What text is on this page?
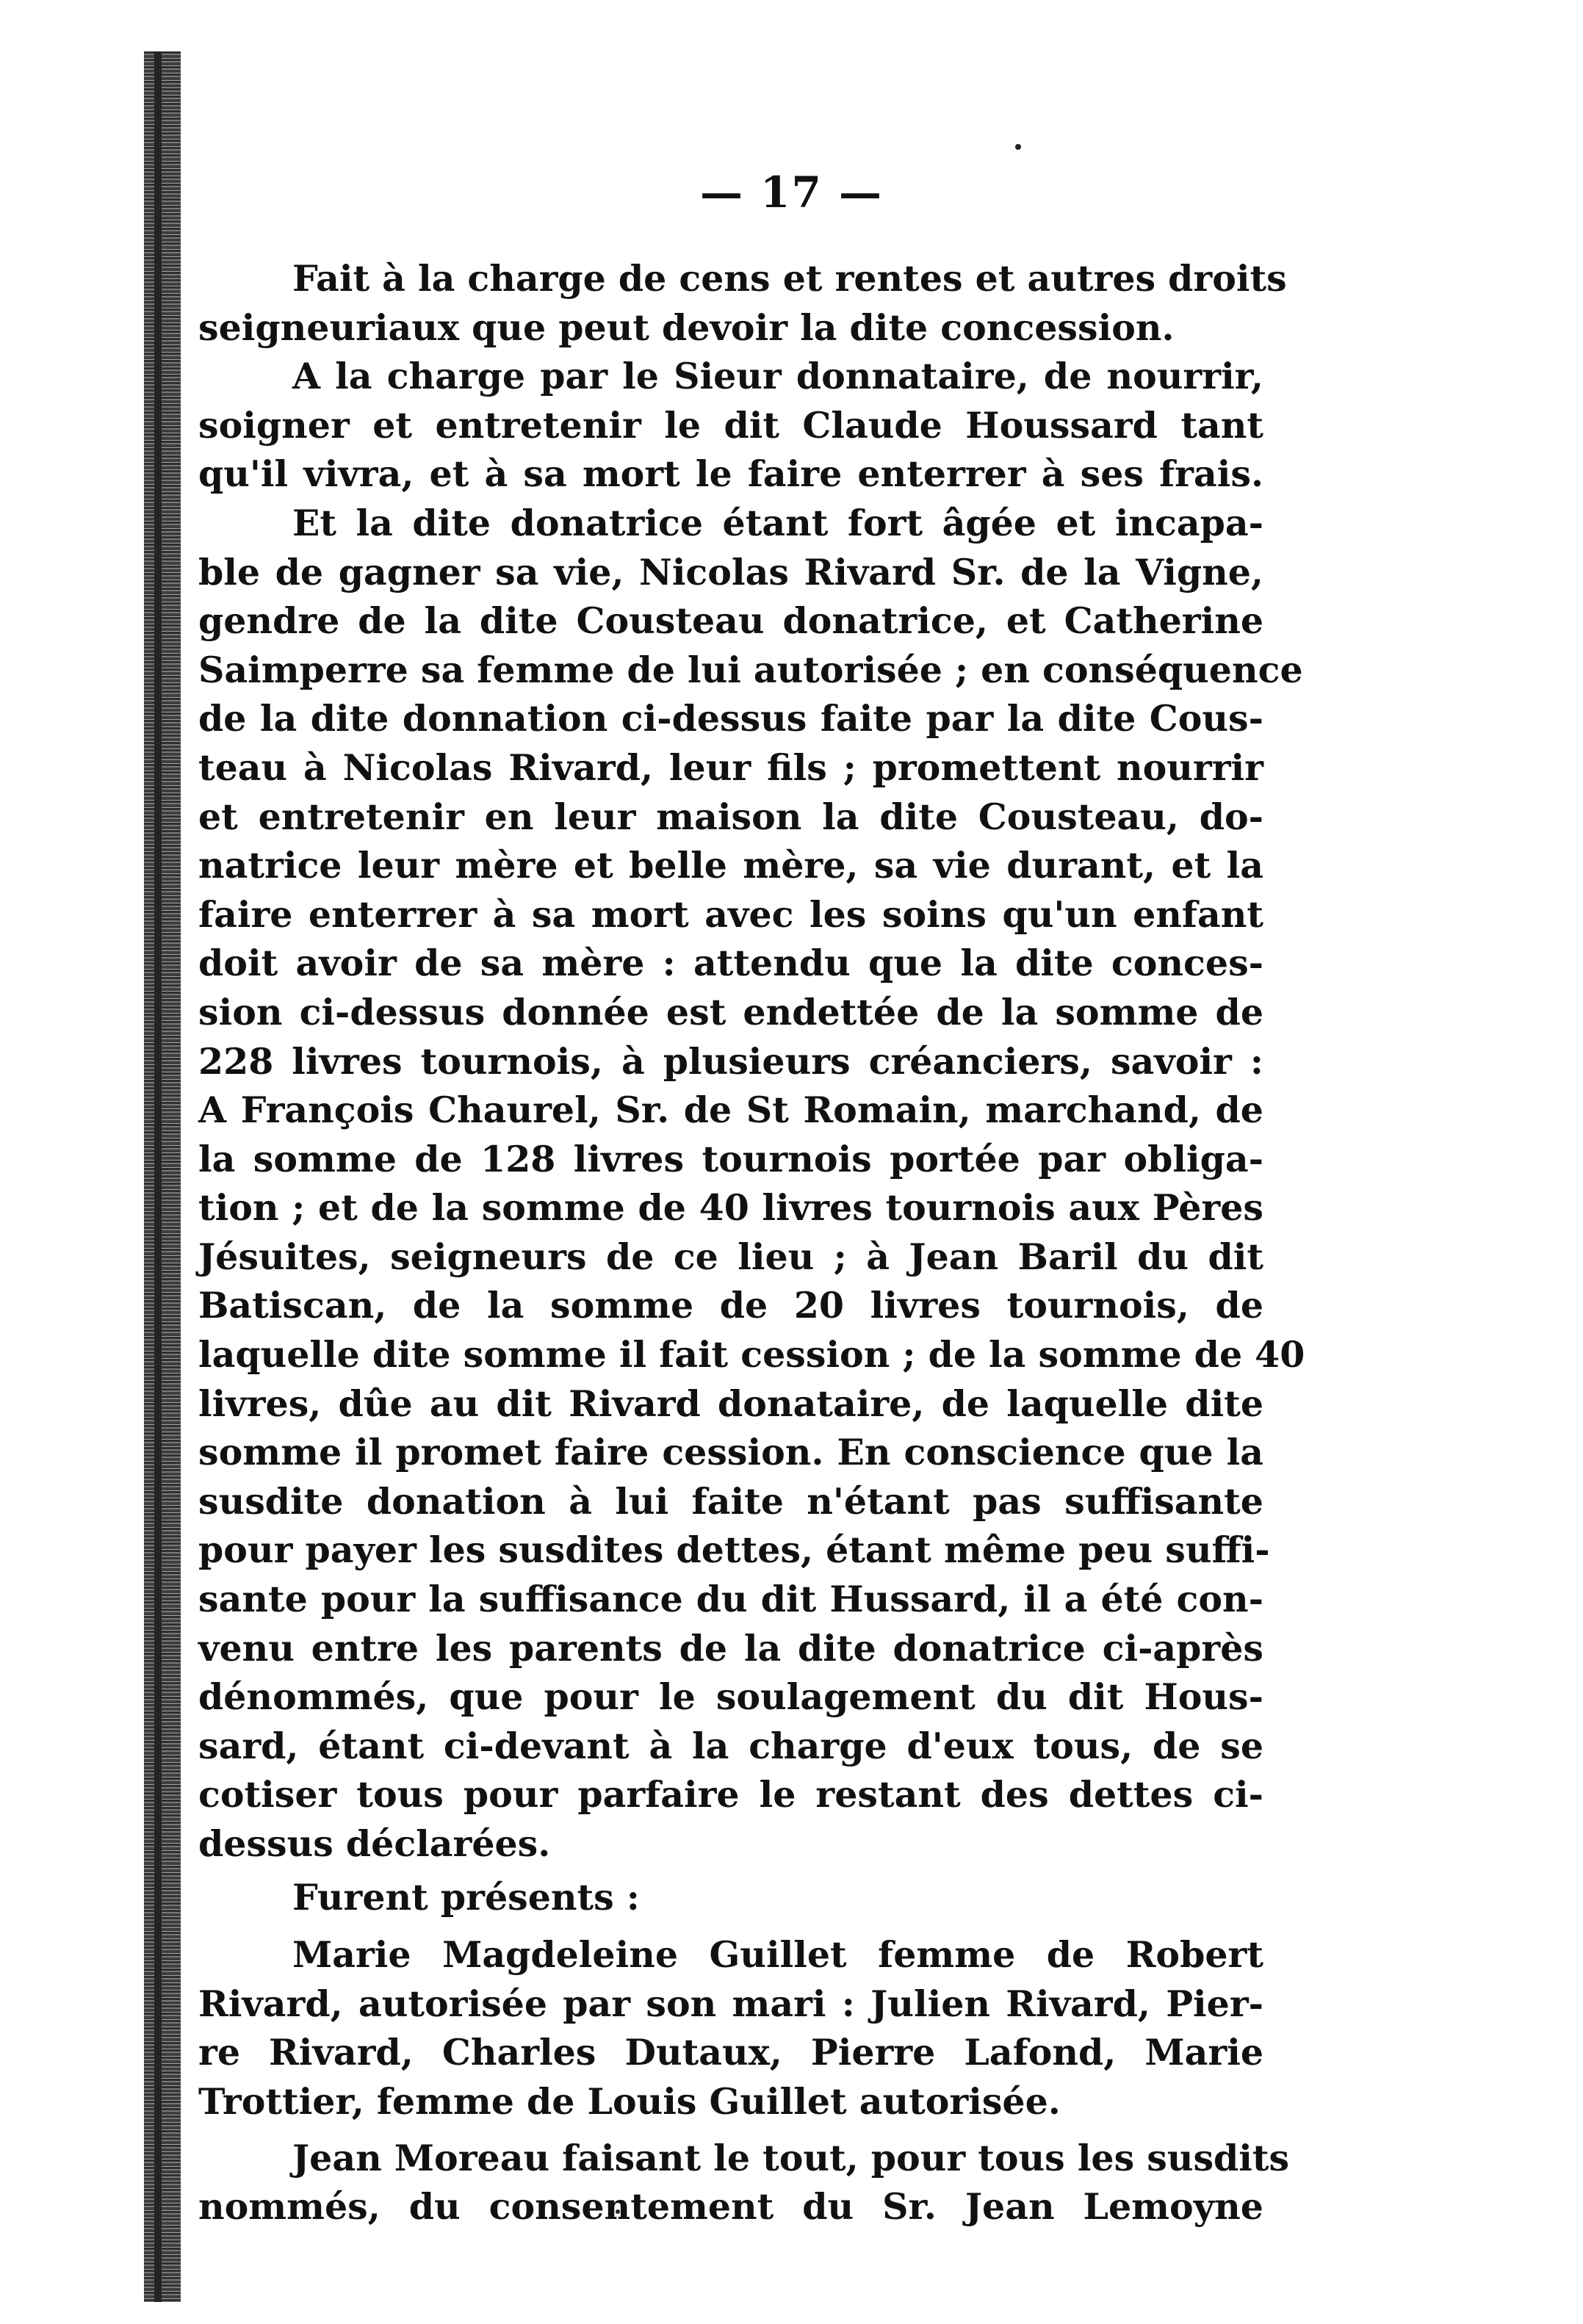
— 17 —

Fait à la charge de cens et rentes et autres droits
seigneuriaux que peut devoir la dite concession.

A la charge par le Sieur donnataire, de nourrir,
soigner et entretenir le dit Claude Houssard tant
qu'il vivra, et à sa mort le faire enterrer à ses frais.

Et la dite donatrice étant fort âgée et incapa-
ble de gagner sa vie, Nicolas Rivard Sr. de la Vigne,
gendre de la dite Cousteau donatrice, et Catherine
Saimperre sa femme de lui autorisée ; en conséquence
de la dite donnation ci-dessus faite par la dite Cous-
teau à Nicolas Rivard, leur fils ; promettent nourrir
et entretenir en leur maison la dite Cousteau, do-
natrice leur mère et belle mère, sa vie durant, et la
faire enterrer à sa mort avec les soins qu'un enfant
doit avoir de sa mère : attendu que la dite conces-
sion ci-dessus donnée est endettée de la somme de
228 livres tournois, à plusieurs créanciers, savoir :
A François Chaurel, Sr. de St Romain, marchand, de
la somme de 128 livres tournois portée par obliga-
tion ; et de la somme de 40 livres tournois aux Pères
Jésuites, seigneurs de ce lieu ; à Jean Baril du dit
Batiscan, de la somme de 20 livres tournois, de
laquelle dite somme il fait cession ; de la somme de 40
livres, dûe au dit Rivard donataire, de laquelle dite
somme il promet faire cession. En conscience que la
susdite donation à lui faite n'étant pas suffisante
pour payer les susdites dettes, étant même peu suffi-
sante pour la suffisance du dit Hussard, il a été con-
venu entre les parents de la dite donatrice ci-après
dénommés, que pour le soulagement du dit Hous-
sard, étant ci-devant à la charge d'eux tous, de se
cotiser tous pour parfaire le restant des dettes ci-
dessus déclarées.

Furent présents :

Marie Magdeleine Guillet femme de Robert
Rivard, autorisée par son mari : Julien Rivard, Pier-
re Rivard, Charles Dutaux, Pierre Lafond, Marie
Trottier, femme de Louis Guillet autorisée.

Jean Moreau faisant le tout, pour tous les susdits
nommés, du consentement du Sr. Jean Lemoyne
